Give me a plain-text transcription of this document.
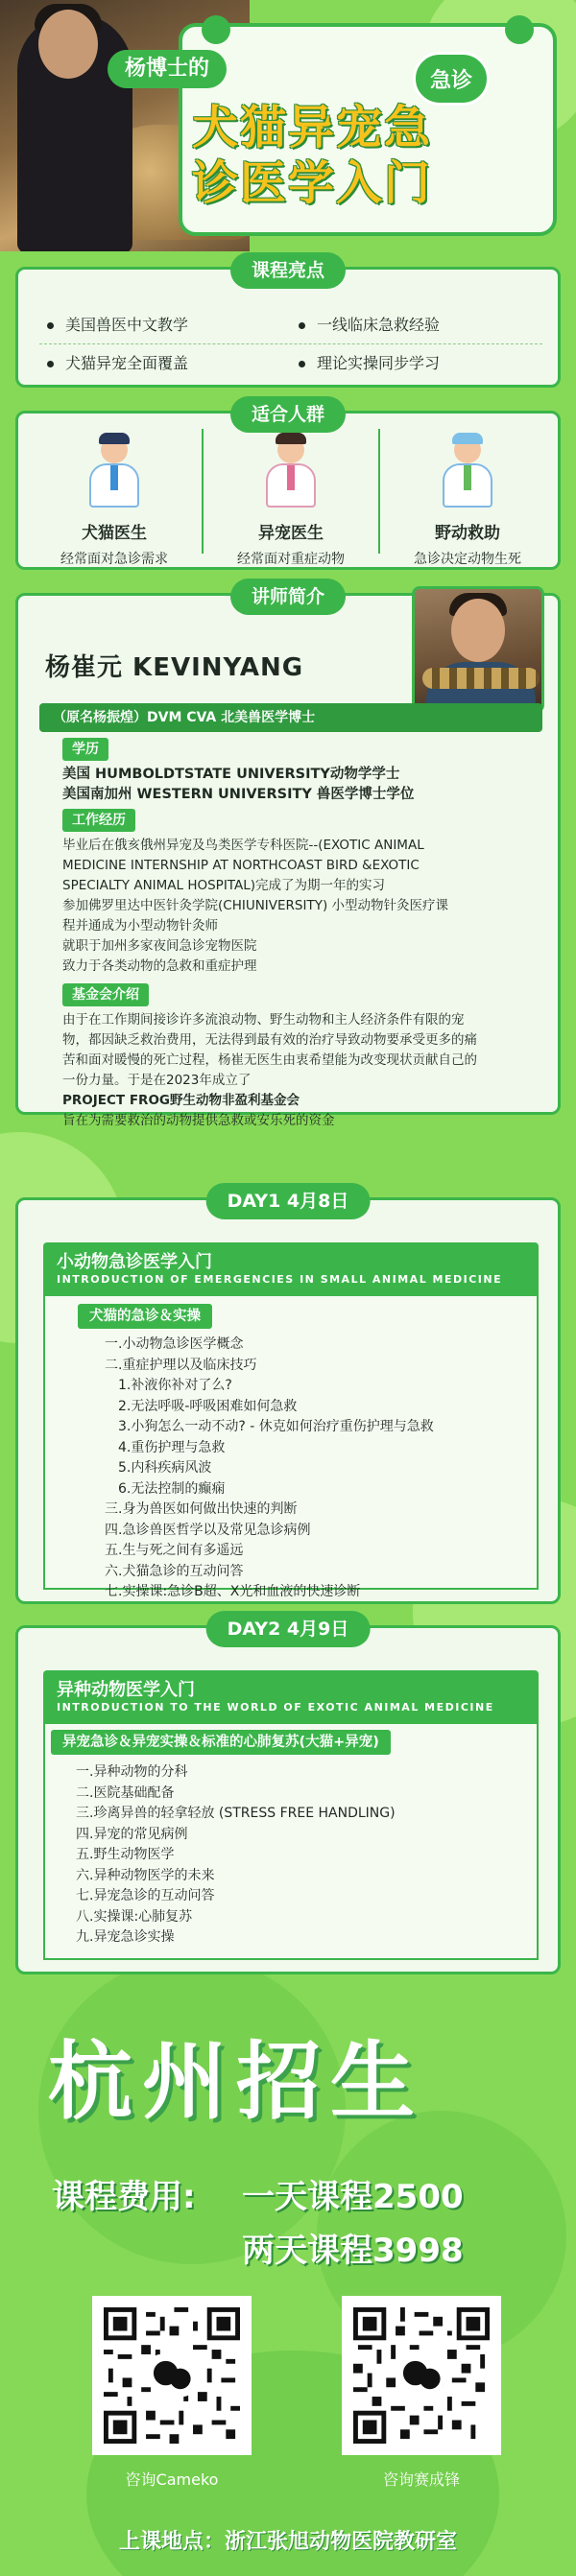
杨博士的
急诊
犬猫异宠急
诊医学入门
课程亮点
美国兽医中文教学	一线临床急救经验
犬猫异宠全面覆盖	理论实操同步学习
适合人群
犬猫医生
经常面对急诊需求
异宠医生
经常面对重症动物
野动救助
急诊决定动物生死
讲师简介
杨崔元 KEVINYANG
（原名杨振煌）DVM CVA 北美兽医学博士
学历
美国 HUMBOLDTSTATE UNIVERSITY动物学学士
美国南加州 WESTERN UNIVERSITY 兽医学博士学位
工作经历
毕业后在俄亥俄州异宠及鸟类医学专科医院--(EXOTIC ANIMAL
MEDICINE INTERNSHIP AT NORTHCOAST BIRD &EXOTIC
SPECIALTY ANIMAL HOSPITAL)完成了为期一年的实习
参加佛罗里达中医针灸学院(CHIUNIVERSITY) 小型动物针灸医疗课
程并通成为小型动物针灸师
就职于加州多家夜间急诊宠物医院
致力于各类动物的急救和重症护理
基金会介绍
由于在工作期间接诊许多流浪动物、野生动物和主人经济条件有限的宠
物，都因缺乏救治费用，无法得到最有效的治疗导致动物要承受更多的痛
苦和面对暖慢的死亡过程，杨崔无医生由衷希望能为改变现状贡献自己的
一份力量。于是在2023年成立了
PROJECT FROG野生动物非盈利基金会
旨在为需要救治的动物提供急救或安乐死的资金
DAY1 4月8日
小动物急诊医学入门
INTRODUCTION OF EMERGENCIES IN SMALL ANIMAL MEDICINE
犬猫的急诊＆实操
一.小动物急诊医学概念
二.重症护理以及临床技巧
1.补液你补对了么?
2.无法呼吸-呼吸困难如何急救
3.小狗怎么一动不动? - 休克如何治疗重伤护理与急救
4.重伤护理与急救
5.内科疾病风波
6.无法控制的癫痫
三.身为兽医如何做出快速的判断
四.急诊兽医哲学以及常见急诊病例
五.生与死之间有多遥远
六.犬猫急诊的互动问答
七.实操课:急诊B超、X光和血液的快速诊断
DAY2 4月9日
异种动物医学入门
INTRODUCTION TO THE WORLD OF EXOTIC ANIMAL MEDICINE
异宠急诊＆异宠实操＆标准的心肺复苏(大猫+异宠)
一.异种动物的分科
二.医院基础配备
三.珍离异兽的轻拿轻放 (STRESS FREE HANDLING)
四.异宠的常见病例
五.野生动物医学
六.异种动物医学的未来
七.异宠急诊的互动问答
八.实操课:心肺复苏
九.异宠急诊实操
杭州招生
课程费用: 一天课程2500
两天课程3998
咨询Cameko	咨询赛成锋
上课地点：浙江张旭动物医院教研室
